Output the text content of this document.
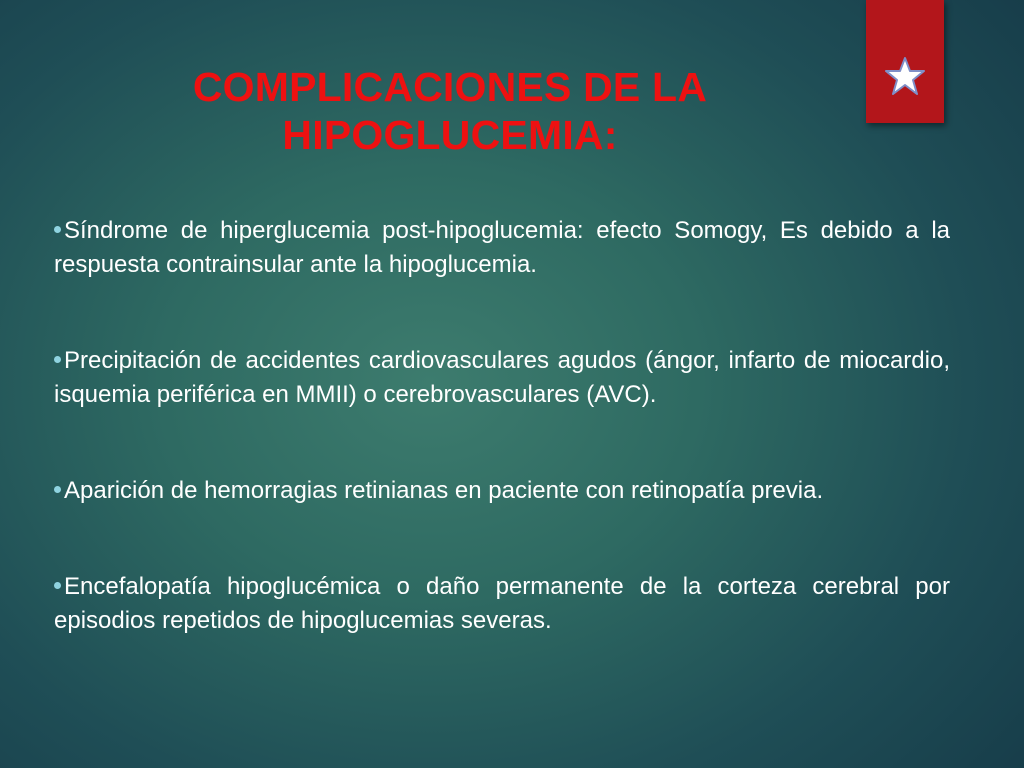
COMPLICACIONES DE LA
HIPOGLUCEMIA:
Síndrome de hiperglucemia post-hipoglucemia: efecto Somogy, Es debido a la respuesta contrainsular ante la hipoglucemia.
Precipitación de accidentes cardiovasculares agudos (ángor, infarto de miocardio, isquemia periférica en MMII) o cerebrovasculares (AVC).
Aparición de hemorragias retinianas en paciente con retinopatía previa.
Encefalopatía hipoglucémica o daño permanente de la corteza cerebral por episodios repetidos de hipoglucemias severas.
